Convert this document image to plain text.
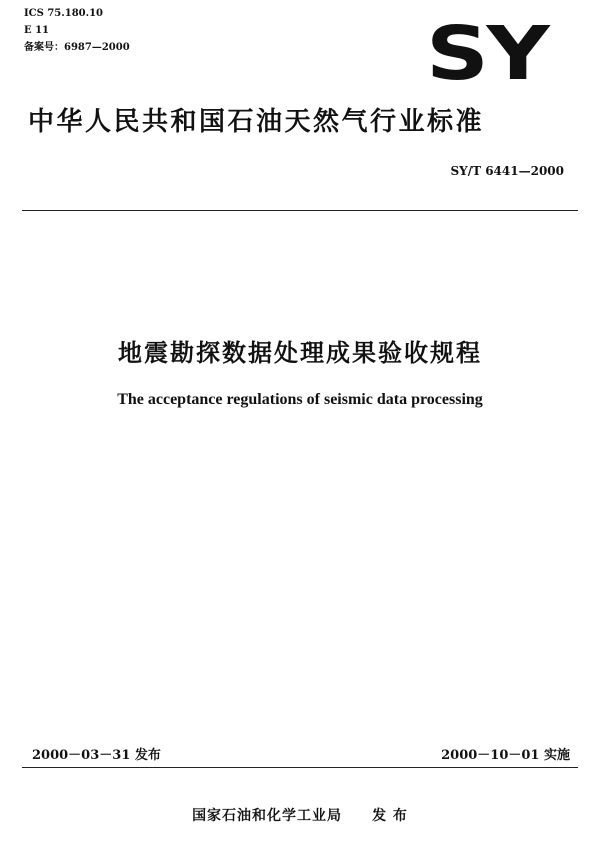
ICS 75.180.10
E 11
备案号：6987—2000	SY
中华人民共和国石油天然气行业标准
SY/T 6441—2000
地震勘探数据处理成果验收规程
The acceptance regulations of seismic data processing
2000－03－31 发布	2000－10－01 实施
国家石油和化学工业局 发 布
